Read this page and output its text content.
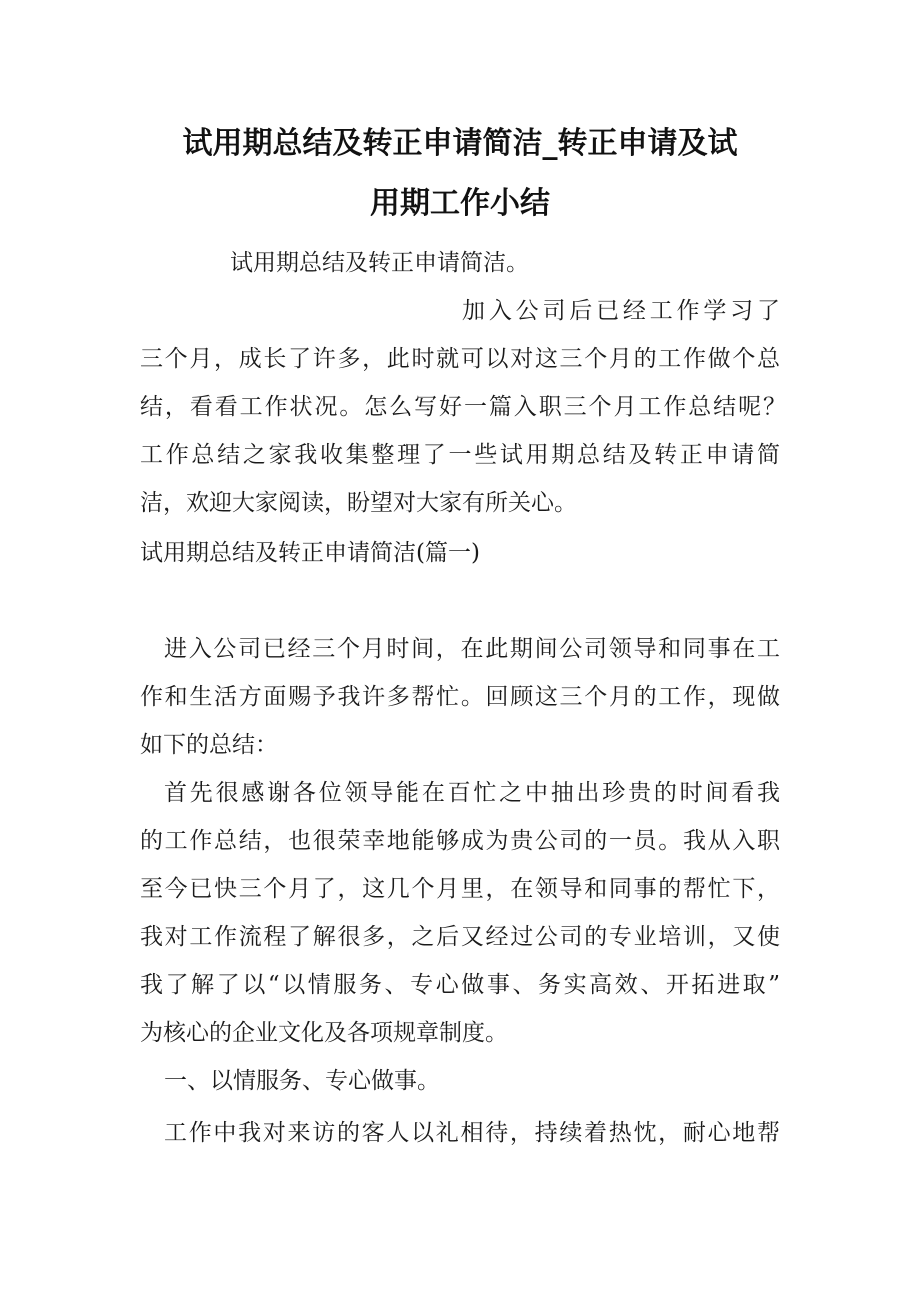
试用期总结及转正申请简洁_转正申请及试
用期工作小结

试用期总结及转正申请简洁。

加入公司后已经工作学习了

三个月，成长了许多，此时就可以对这三个月的工作做个总

结，看看工作状况。怎么写好一篇入职三个月工作总结呢？

工作总结之家我收集整理了一些试用期总结及转正申请简

洁，欢迎大家阅读，盼望对大家有所关心。

试用期总结及转正申请简洁(篇一)

进入公司已经三个月时间，在此期间公司领导和同事在工

作和生活方面赐予我许多帮忙。回顾这三个月的工作，现做

如下的总结：

首先很感谢各位领导能在百忙之中抽出珍贵的时间看我

的工作总结，也很荣幸地能够成为贵公司的一员。我从入职

至今已快三个月了，这几个月里，在领导和同事的帮忙下，

我对工作流程了解很多，之后又经过公司的专业培训，又使

我了解了以“以情服务、专心做事、务实高效、开拓进取”

为核心的企业文化及各项规章制度。

一、以情服务、专心做事。

工作中我对来访的客人以礼相待，持续着热忱，耐心地帮
